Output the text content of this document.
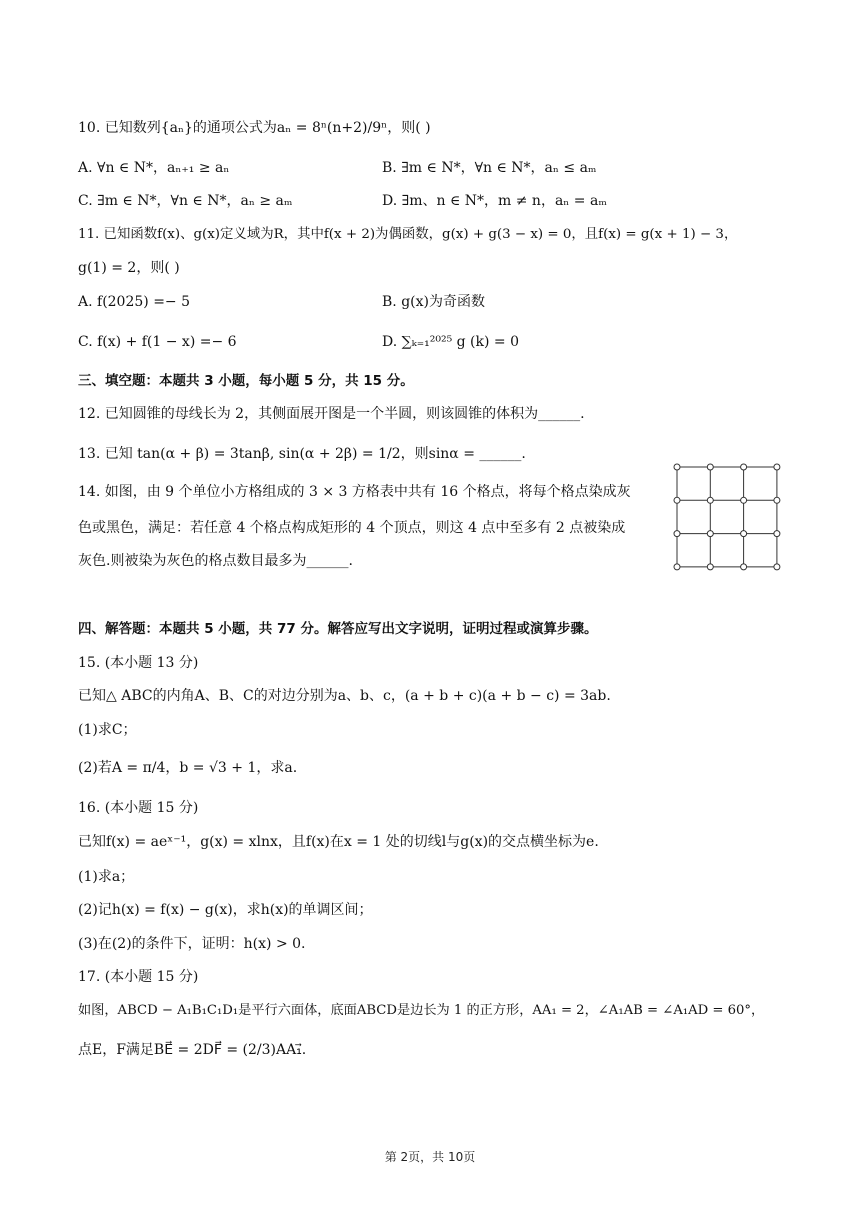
10. 已知数列{aₙ}的通项公式为aₙ = 8ⁿ(n+2)/9ⁿ，则( )
A. ∀n ∈ N*，aₙ₊₁ ≥ aₙ	B. ∃m ∈ N*，∀n ∈ N*，aₙ ≤ aₘ
C. ∃m ∈ N*，∀n ∈ N*，aₙ ≥ aₘ	D. ∃m、n ∈ N*，m ≠ n，aₙ = aₘ
11. 已知函数f(x)、g(x)定义域为R，其中f(x + 2)为偶函数，g(x) + g(3 − x) = 0，且f(x) = g(x + 1) − 3，
g(1) = 2，则( )
A. f(2025) =− 5	B. g(x)为奇函数
C. f(x) + f(1 − x) =− 6	D. ∑ₖ₌₁²⁰²⁵ g (k) = 0
三、填空题：本题共 3 小题，每小题 5 分，共 15 分。
12. 已知圆锥的母线长为 2，其侧面展开图是一个半圆，则该圆锥的体积为______.
13. 已知 tan(α + β) = 3tanβ, sin(α + 2β) = 1/2，则sinα = ______.
14. 如图，由 9 个单位小方格组成的 3 × 3 方格表中共有 16 个格点，将每个格点染成灰
色或黑色，满足：若任意 4 个格点构成矩形的 4 个顶点，则这 4 点中至多有 2 点被染成
灰色.则被染为灰色的格点数目最多为______.
四、解答题：本题共 5 小题，共 77 分。解答应写出文字说明，证明过程或演算步骤。
15. (本小题 13 分)
已知△ ABC的内角A、B、C的对边分别为a、b、c，(a + b + c)(a + b − c) = 3ab.
(1)求C；
(2)若A = π/4，b = √3 + 1，求a.
16. (本小题 15 分)
已知f(x) = aeˣ⁻¹，g(x) = xlnx，且f(x)在x = 1 处的切线l与g(x)的交点横坐标为e.
(1)求a；
(2)记h(x) = f(x) − g(x)，求h(x)的单调区间；
(3)在(2)的条件下，证明：h(x) > 0.
17. (本小题 15 分)
如图，ABCD − A₁B₁C₁D₁是平行六面体，底面ABCD是边长为 1 的正方形，AA₁ = 2，∠A₁AB = ∠A₁AD = 60°，
点E，F满足BE⃗ = 2DF⃗ = (2/3)AA₁⃗.
第 2页，共 10页
